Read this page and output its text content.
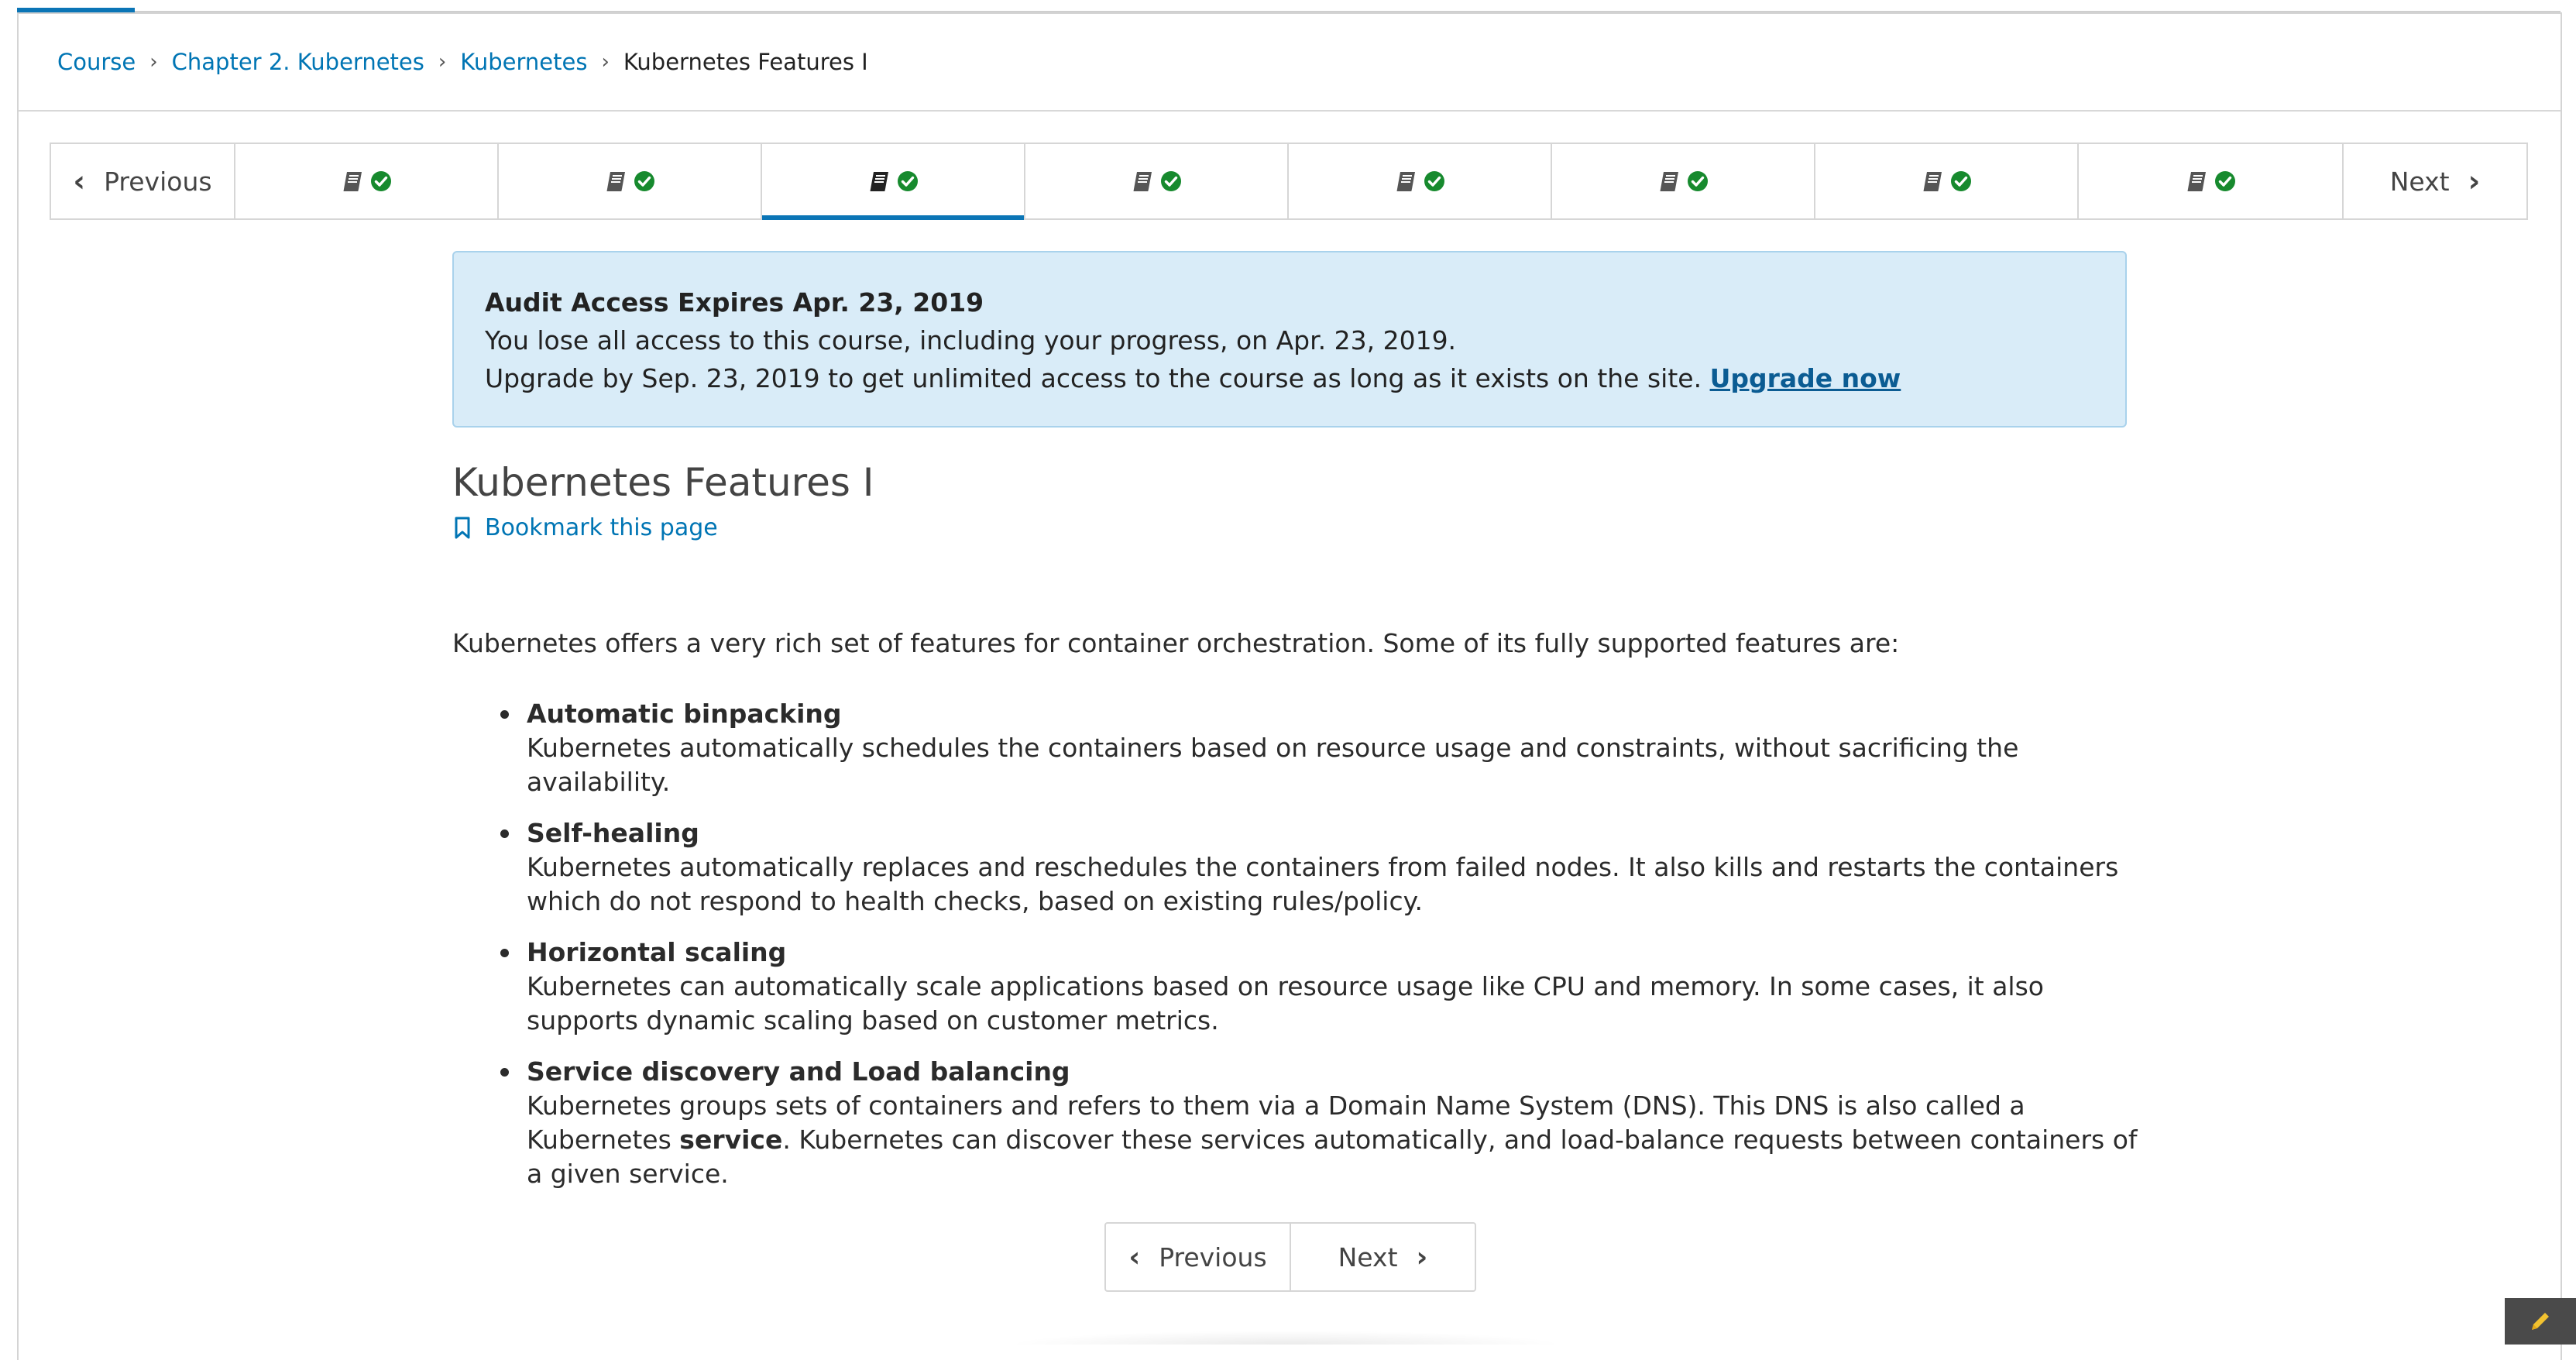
Course › Chapter 2. Kubernetes › Kubernetes › Kubernetes Features I
‹ Previous	Next ›
Audit Access Expires Apr. 23, 2019
You lose all access to this course, including your progress, on Apr. 23, 2019.
Upgrade by Sep. 23, 2019 to get unlimited access to the course as long as it exists on the site. Upgrade now
Kubernetes Features I
Bookmark this page

Kubernetes offers a very rich set of features for container orchestration. Some of its fully supported features are:

Automatic binpacking
Kubernetes automatically schedules the containers based on resource usage and constraints, without sacrificing the availability.
Self-healing
Kubernetes automatically replaces and reschedules the containers from failed nodes. It also kills and restarts the containers which do not respond to health checks, based on existing rules/policy.
Horizontal scaling
Kubernetes can automatically scale applications based on resource usage like CPU and memory. In some cases, it also supports dynamic scaling based on customer metrics.
Service discovery and Load balancing
Kubernetes groups sets of containers and refers to them via a Domain Name System (DNS). This DNS is also called a Kubernetes service. Kubernetes can discover these services automatically, and load-balance requests between containers of a given service.
‹ Previous	Next ›
